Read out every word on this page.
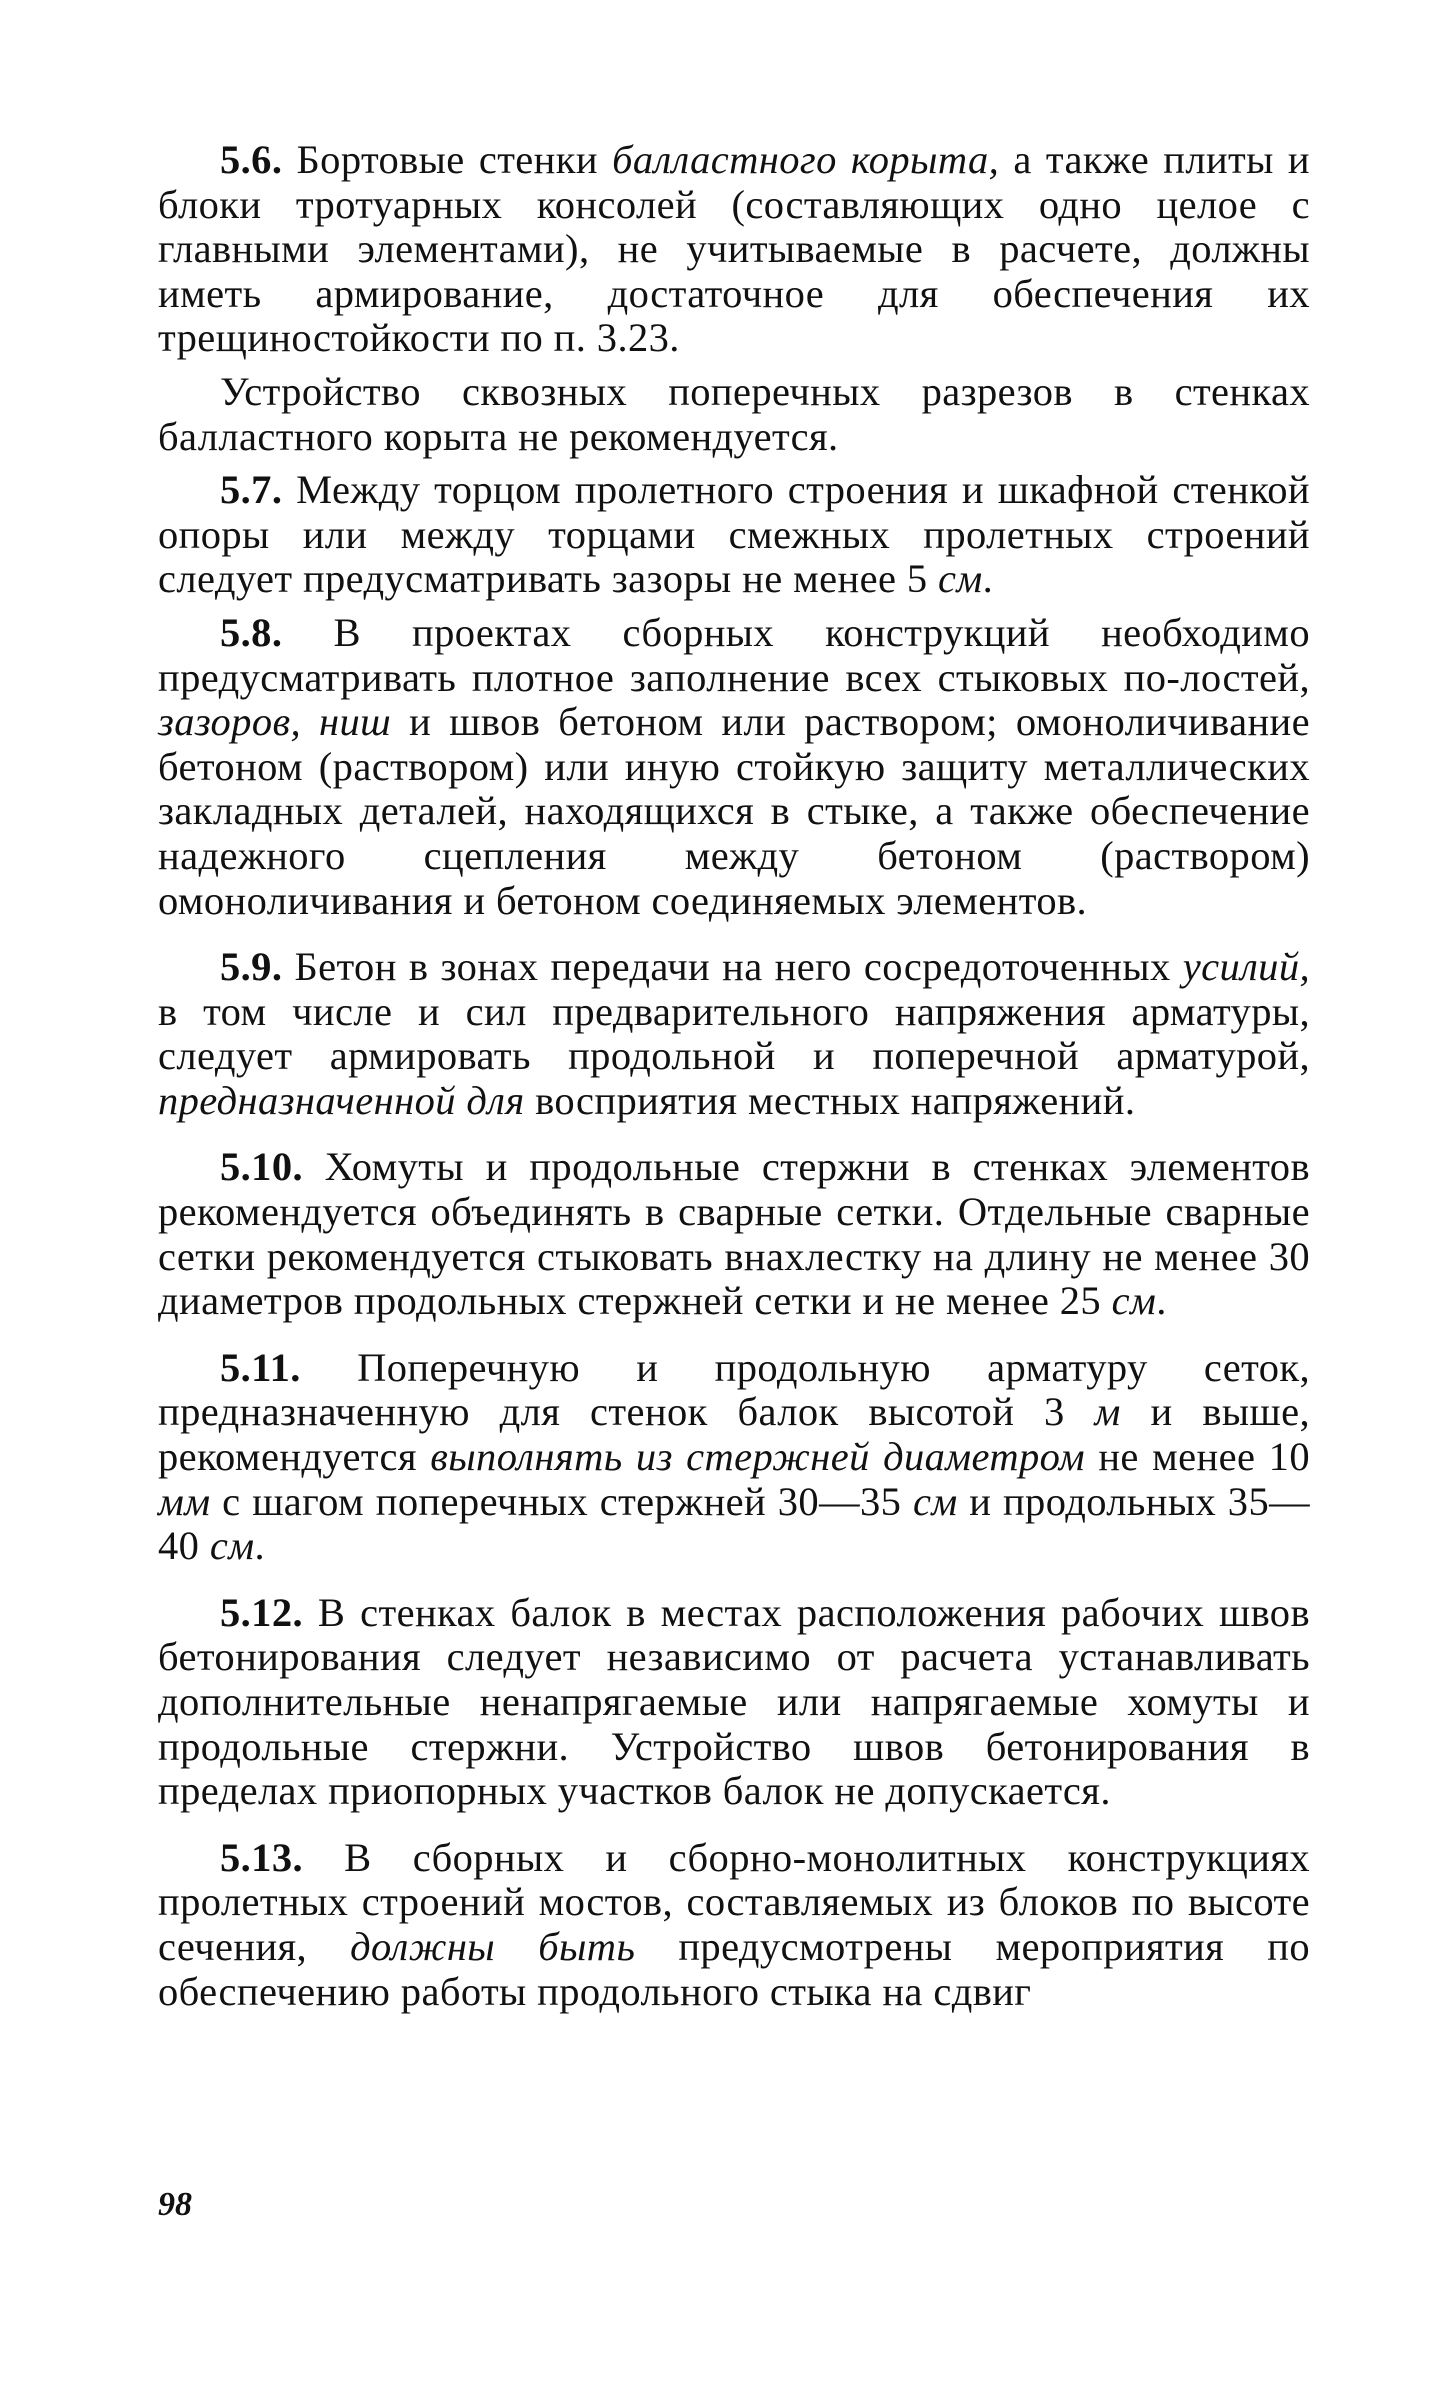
5.6. Бортовые стенки балластного корыта, а также плиты и блоки тротуарных консолей (составляющих одно целое с главными элементами), не учитываемые в расчете, должны иметь армирование, достаточное для обеспечения их трещиностойкости по п. 3.23.

Устройство сквозных поперечных разрезов в стенках балластного корыта не рекомендуется.

5.7. Между торцом пролетного строения и шкафной стенкой опоры или между торцами смежных пролетных строений следует предусматривать зазоры не менее 5 см.

5.8. В проектах сборных конструкций необходимо предусматривать плотное заполнение всех стыковых по-лостей, зазоров, ниш и швов бетоном или раствором; омоноличивание бетоном (раствором) или иную стойкую защиту металлических закладных деталей, находящихся в стыке, а также обеспечение надежного сцепления между бетоном (раствором) омоноличивания и бетоном соединяемых элементов.

5.9. Бетон в зонах передачи на него сосредоточенных усилий, в том числе и сил предварительного напряжения арматуры, следует армировать продольной и поперечной арматурой, предназначенной для восприятия местных напряжений.

5.10. Хомуты и продольные стержни в стенках элементов рекомендуется объединять в сварные сетки. Отдельные сварные сетки рекомендуется стыковать внахлестку на длину не менее 30 диаметров продольных стержней сетки и не менее 25 см.

5.11. Поперечную и продольную арматуру сеток, предназначенную для стенок балок высотой 3 м и выше, рекомендуется выполнять из стержней диаметром не менее 10 мм с шагом поперечных стержней 30—35 см и продольных 35—40 см.

5.12. В стенках балок в местах расположения рабочих швов бетонирования следует независимо от расчета устанавливать дополнительные ненапрягаемые или напрягаемые хомуты и продольные стержни. Устройство швов бетонирования в пределах приопорных участков балок не допускается.

5.13. В сборных и сборно-монолитных конструкциях пролетных строений мостов, составляемых из блоков по высоте сечения, должны быть предусмотрены мероприятия по обеспечению работы продольного стыка на сдвиг

98
